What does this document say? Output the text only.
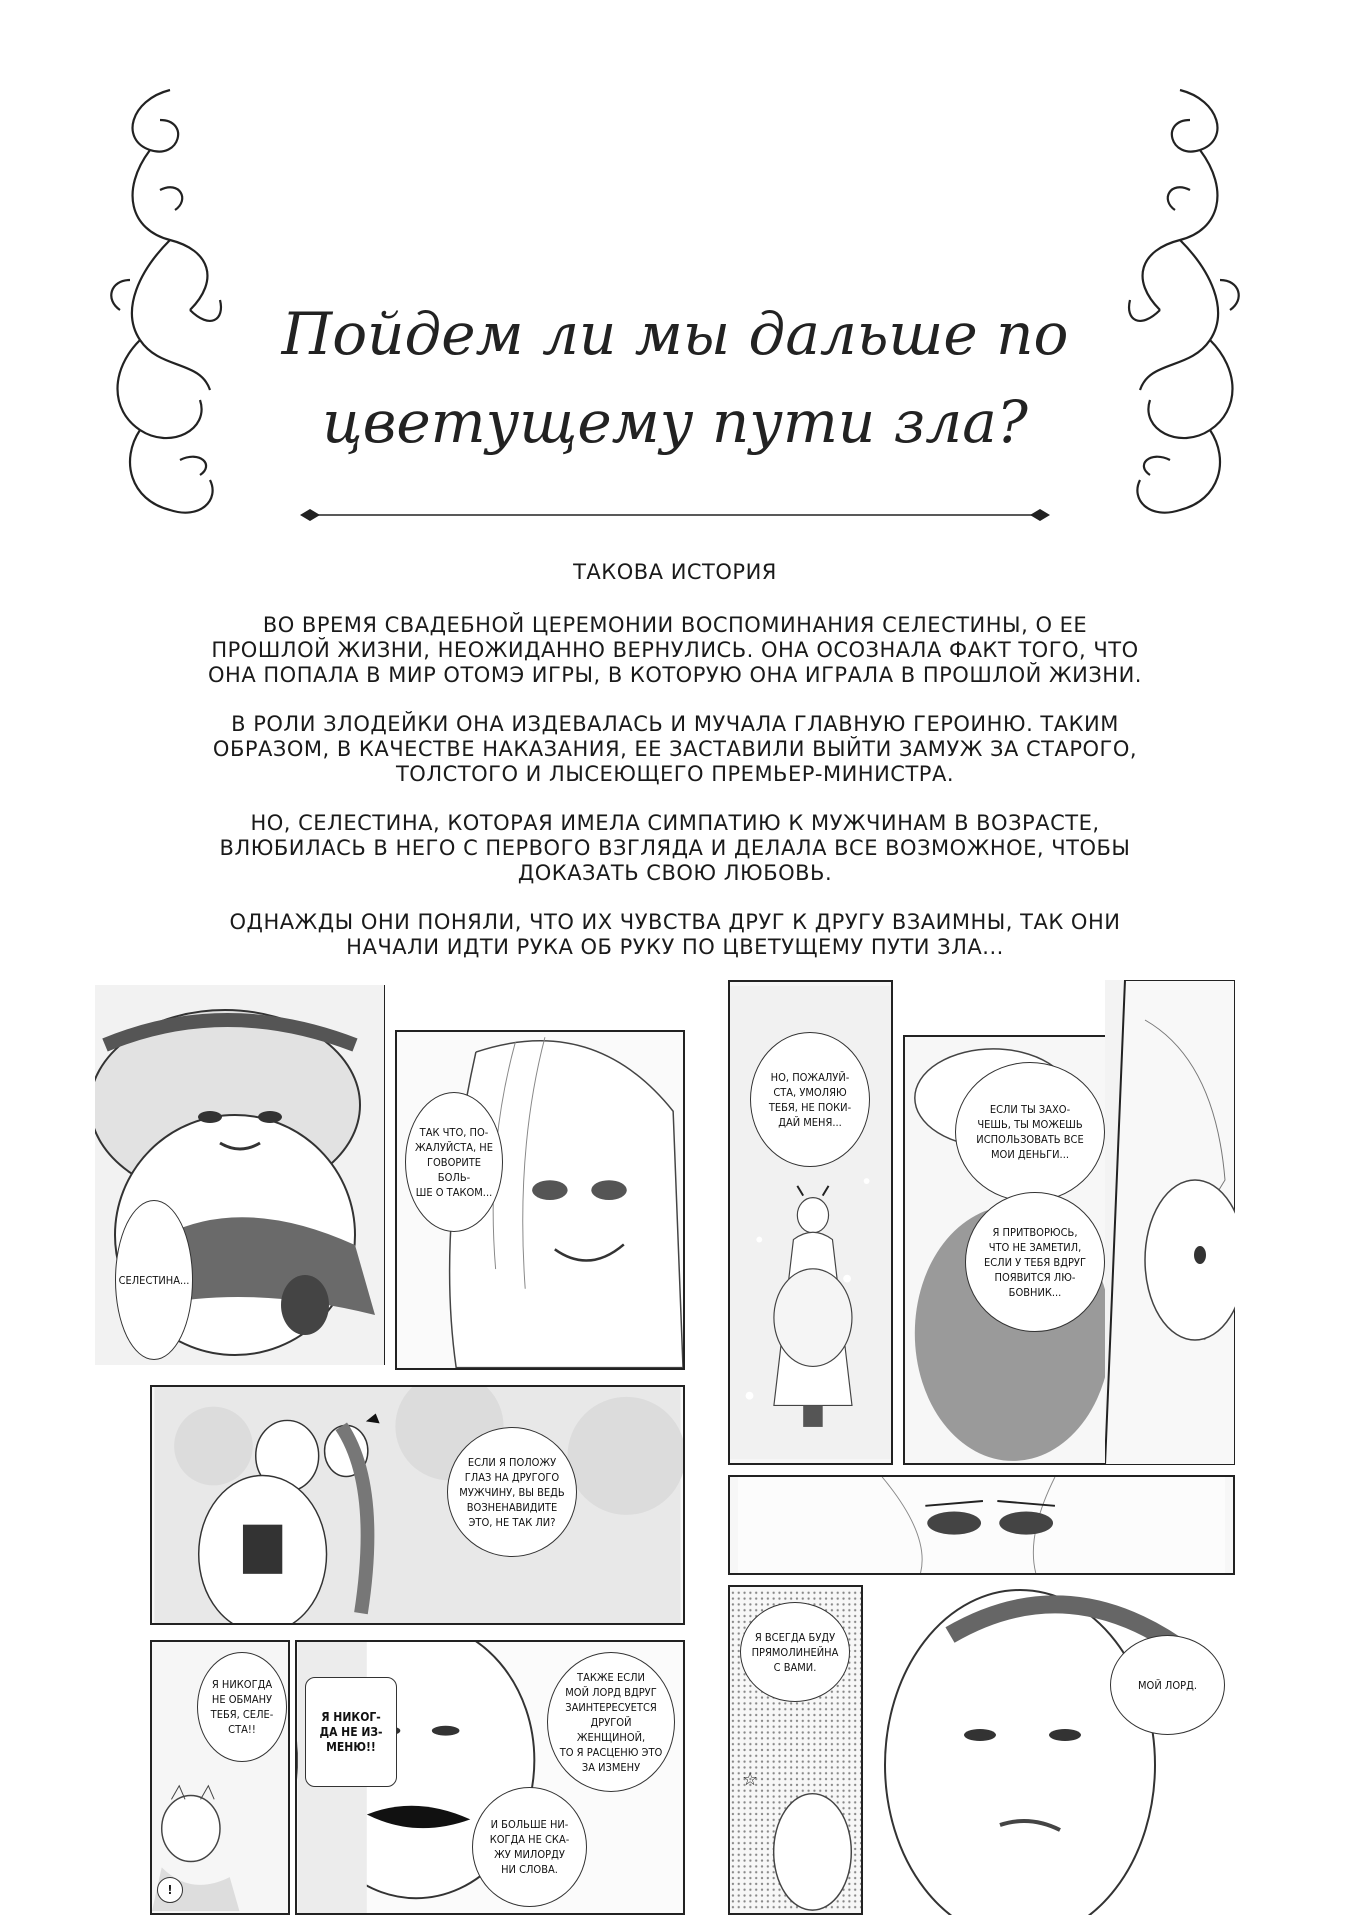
Пойдем ли мы дальше по
цветущему пути зла?

ТАКОВА ИСТОРИЯ

ВО ВРЕМЯ СВАДЕБНОЙ ЦЕРЕМОНИИ ВОСПОМИНАНИЯ СЕЛЕСТИНЫ, О ЕЕ ПРОШЛОЙ ЖИЗНИ, НЕОЖИДАННО ВЕРНУЛИСЬ. ОНА ОСОЗНАЛА ФАКТ ТОГО, ЧТО ОНА ПОПАЛА В МИР ОТОМЭ ИГРЫ, В КОТОРУЮ ОНА ИГРАЛА В ПРОШЛОЙ ЖИЗНИ.

В РОЛИ ЗЛОДЕЙКИ ОНА ИЗДЕВАЛАСЬ И МУЧАЛА ГЛАВНУЮ ГЕРОИНЮ. ТАКИМ ОБРАЗОМ, В КАЧЕСТВЕ НАКАЗАНИЯ, ЕЕ ЗАСТАВИЛИ ВЫЙТИ ЗАМУЖ ЗА СТАРОГО, ТОЛСТОГО И ЛЫСЕЮЩЕГО ПРЕМЬЕР-МИНИСТРА.

НО, СЕЛЕСТИНА, КОТОРАЯ ИМЕЛА СИМПАТИЮ К МУЖЧИНАМ В ВОЗРАСТЕ, ВЛЮБИЛАСЬ В НЕГО С ПЕРВОГО ВЗГЛЯДА И ДЕЛАЛА ВСЕ ВОЗМОЖНОЕ, ЧТОБЫ ДОКАЗАТЬ СВОЮ ЛЮБОВЬ.

ОДНАЖДЫ ОНИ ПОНЯЛИ, ЧТО ИХ ЧУВСТВА ДРУГ К ДРУГУ ВЗАИМНЫ, ТАК ОНИ НАЧАЛИ ИДТИ РУКА ОБ РУКУ ПО ЦВЕТУЩЕМУ ПУТИ ЗЛА...

СЕЛЕСТИНА...
ТАК ЧТО, ПО-
ЖАЛУЙСТА, НЕ
ГОВОРИТЕ БОЛЬ-
ШЕ О ТАКОМ...
ЕСЛИ Я ПОЛОЖУ
ГЛАЗ НА ДРУГОГО
МУЖЧИНУ, ВЫ ВЕДЬ
ВОЗНЕНАВИДИТЕ
ЭТО, НЕ ТАК ЛИ?
Я НИКОГДА
НЕ ОБМАНУ
ТЕБЯ, СЕЛЕ-
СТА!!
!
Я НИКОГ-
ДА НЕ ИЗ-
МЕНЮ!!
ТАКЖЕ ЕСЛИ
МОЙ ЛОРД ВДРУГ
ЗАИНТЕРЕСУЕТСЯ
ДРУГОЙ ЖЕНЩИНОЙ,
ТО Я РАСЦЕНЮ ЭТО
ЗА ИЗМЕНУ
И БОЛЬШЕ НИ-
КОГДА НЕ СКА-
ЖУ МИЛОРДУ
НИ СЛОВА.
НО, ПОЖАЛУЙ-
СТА, УМОЛЯЮ
ТЕБЯ, НЕ ПОКИ-
ДАЙ МЕНЯ...
ЕСЛИ ТЫ ЗАХО-
ЧЕШЬ, ТЫ МОЖЕШЬ
ИСПОЛЬЗОВАТЬ ВСЕ
МОИ ДЕНЬГИ...
Я ПРИТВОРЮСЬ,
ЧТО НЕ ЗАМЕТИЛ,
ЕСЛИ У ТЕБЯ ВДРУГ
ПОЯВИТСЯ ЛЮ-
БОВНИК...
Я ВСЕГДА БУДУ
ПРЯМОЛИНЕЙНА
С ВАМИ.
☆
МОЙ ЛОРД.
